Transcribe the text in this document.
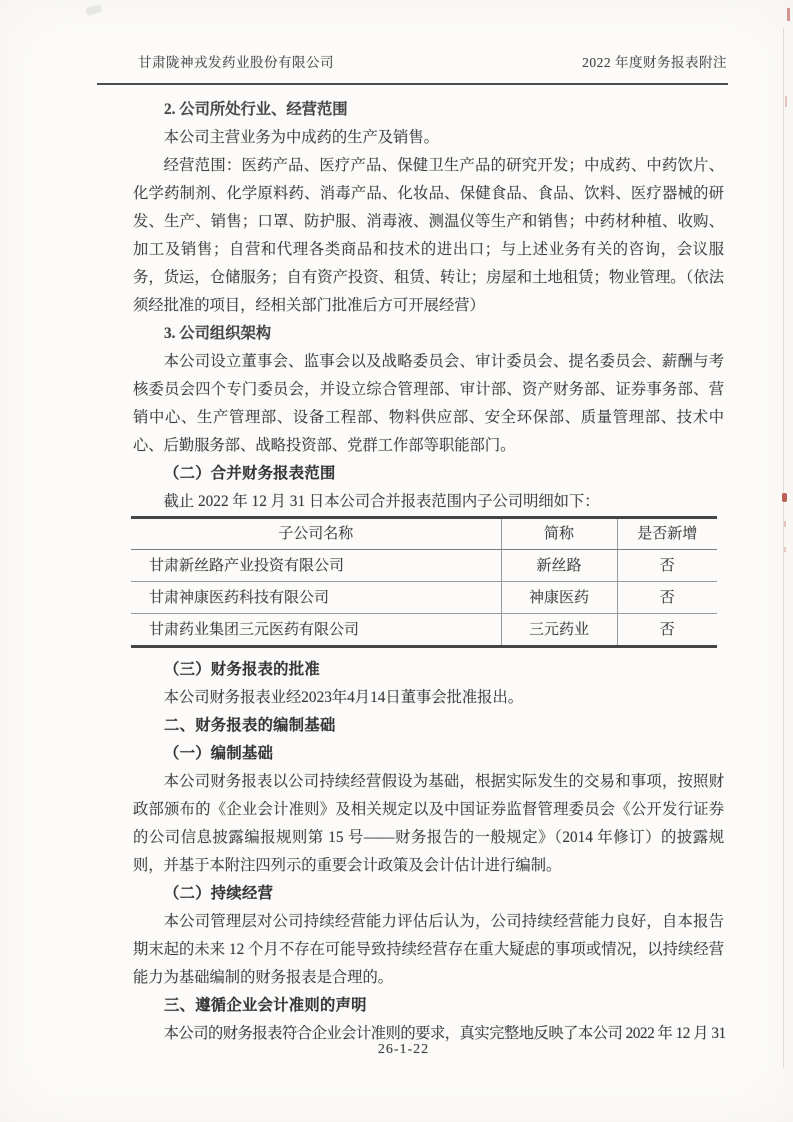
甘肃陇神戎发药业股份有限公司	2022 年度财务报表附注

2. 公司所处行业、经营范围

本公司主营业务为中成药的生产及销售。

经营范围：医药产品、医疗产品、保健卫生产品的研究开发；中成药、中药饮片、化学药制剂、化学原料药、消毒产品、化妆品、保健食品、食品、饮料、医疗器械的研发、生产、销售；口罩、防护服、消毒液、测温仪等生产和销售；中药材种植、收购、加工及销售；自营和代理各类商品和技术的进出口；与上述业务有关的咨询，会议服务，货运，仓储服务；自有资产投资、租赁、转让；房屋和土地租赁；物业管理。（依法须经批准的项目，经相关部门批准后方可开展经营）

3. 公司组织架构

本公司设立董事会、监事会以及战略委员会、审计委员会、提名委员会、薪酬与考核委员会四个专门委员会，并设立综合管理部、审计部、资产财务部、证券事务部、营销中心、生产管理部、设备工程部、物料供应部、安全环保部、质量管理部、技术中心、后勤服务部、战略投资部、党群工作部等职能部门。

（二）合并财务报表范围

截止 2022 年 12 月 31 日本公司合并报表范围内子公司明细如下：

子公司名称	简称	是否新增
甘肃新丝路产业投资有限公司	新丝路	否
甘肃神康医药科技有限公司	神康医药	否
甘肃药业集团三元医药有限公司	三元药业	否

（三）财务报表的批准

本公司财务报表业经2023年4月14日董事会批准报出。

二、财务报表的编制基础

（一）编制基础

本公司财务报表以公司持续经营假设为基础，根据实际发生的交易和事项，按照财政部颁布的《企业会计准则》及相关规定以及中国证券监督管理委员会《公开发行证券的公司信息披露编报规则第 15 号——财务报告的一般规定》（2014 年修订）的披露规则，并基于本附注四列示的重要会计政策及会计估计进行编制。

（二）持续经营

本公司管理层对公司持续经营能力评估后认为，公司持续经营能力良好，自本报告期末起的未来 12 个月不存在可能导致持续经营存在重大疑虑的事项或情况，以持续经营能力为基础编制的财务报表是合理的。

三、遵循企业会计准则的声明

本公司的财务报表符合企业会计准则的要求，真实完整地反映了本公司 2022 年 12 月 31

26-1-22
